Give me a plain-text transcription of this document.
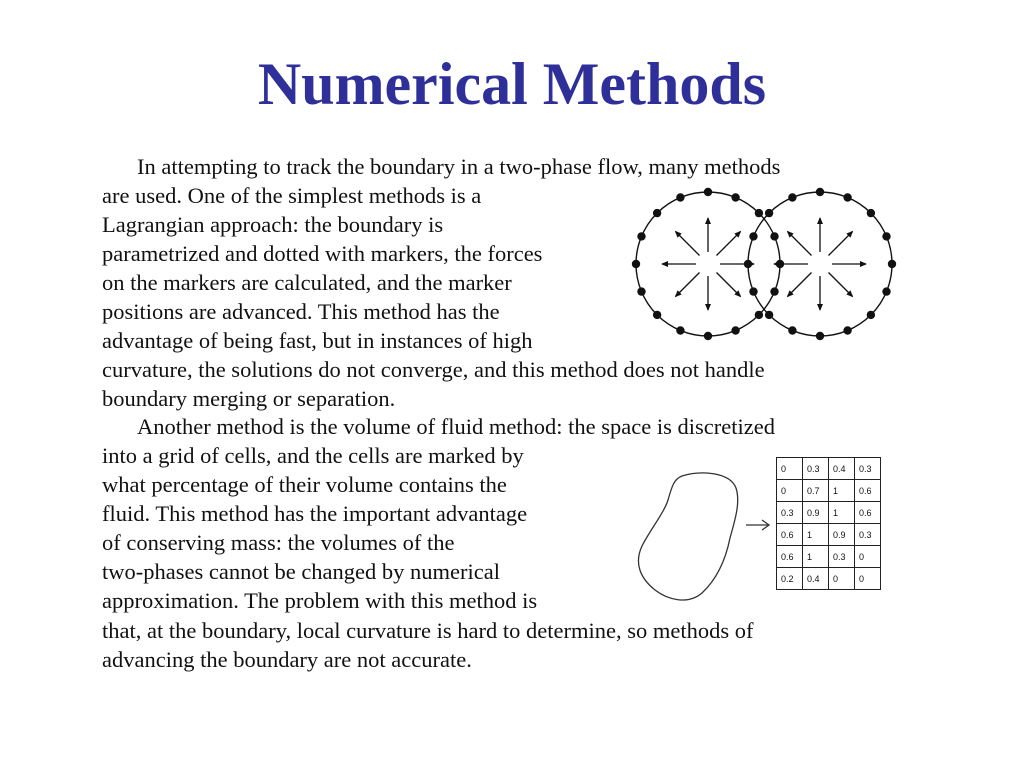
Numerical Methods

In attempting to track the boundary in a two-phase flow, many methods

are used. One of the simplest methods is a

Lagrangian approach: the boundary is

parametrized and dotted with markers, the forces

on the markers are calculated, and the marker

positions are advanced. This method has the

advantage of being fast, but in instances of high

curvature, the solutions do not converge, and this method does not handle

boundary merging or separation.

Another method is the volume of fluid method: the space is discretized

into a grid of cells, and the cells are marked by

what percentage of their volume contains the

fluid. This method has the important advantage

of conserving mass: the volumes of the

two-phases cannot be changed by numerical

approximation. The problem with this method is

that, at the boundary, local curvature is hard to determine, so methods of

advancing the boundary are not accurate.

0	0.3	0.4	0.3
0	0.7	1	0.6
0.3	0.9	1	0.6
0.6	1	0.9	0.3
0.6	1	0.3	0
0.2	0.4	0	0
